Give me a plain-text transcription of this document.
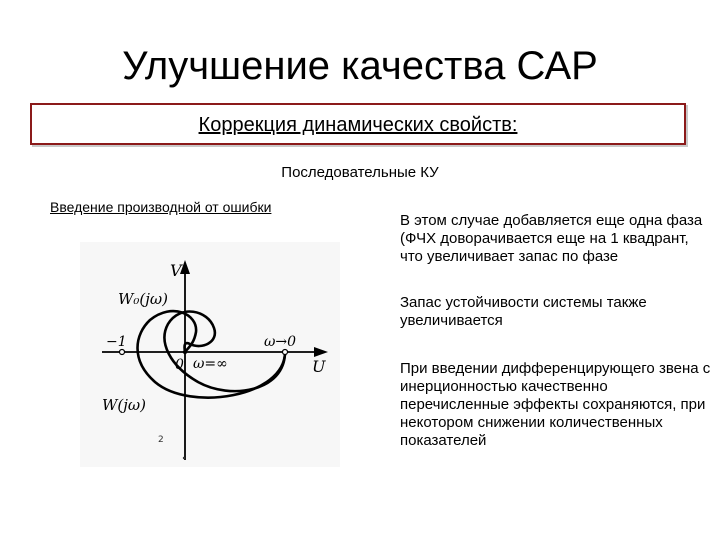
Улучшение качества САР
Коррекция динамических свойств:
Последовательные КУ
Введение производной от ошибки
В этом случае добавляется еще одна фаза (ФЧХ доворачивается еще на 1 квадрант, что увеличивает запас по фазе
Запас устойчивости системы также увеличивается
При введении дифференцирующего звена с инерционностью качественно перечисленные эффекты сохраняются, при некотором снижении количественных показателей
V
U
W₀(jω)
W(jω)
−1
0 ω=∞
ω→0
2
